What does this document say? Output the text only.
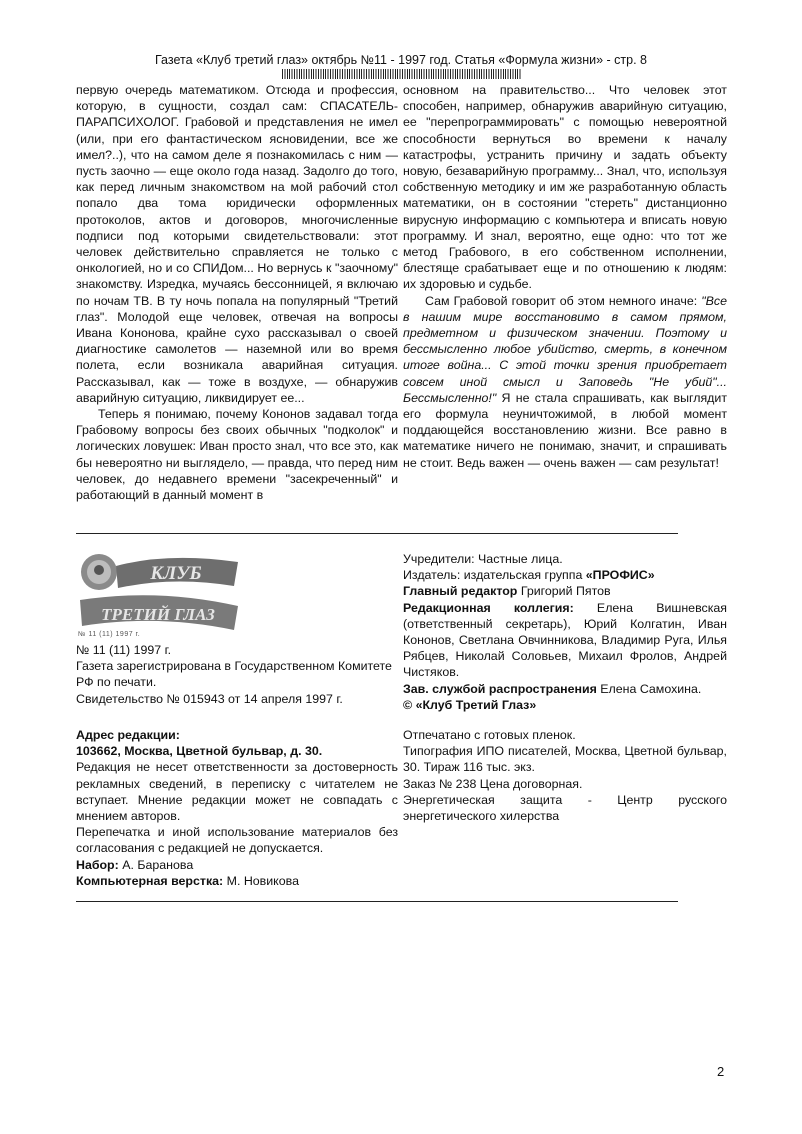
Газета «Клуб третий глаз» октябрь №11 - 1997 год. Статья «Формула жизни» - стр. 8

первую очередь математиком. Отсюда и профессия, которую, в сущности, создал сам: СПАСАТЕЛЬ-ПАРАПСИХОЛОГ. Грабовой и представления не имел (или, при его фантастическом ясновидении, все же имел?..), что на самом деле я познакомилась с ним — пусть заочно — еще около года назад. Задолго до того, как перед личным знакомством на мой рабочий стол попало два тома юридически оформленных протоколов, актов и договоров, многочисленные подписи под которыми свидетельствовали: этот человек действительно справляется не только с онкологией, но и со СПИДом... Но вернусь к "заочному" знакомству. Изредка, мучаясь бессонницей, я включаю по ночам ТВ. В ту ночь попала на популярный "Третий глаз". Молодой еще человек, отвечая на вопросы Ивана Кононова, крайне сухо рассказывал о своей диагностике самолетов — наземной или во время полета, если возникала аварийная ситуация. Рассказывал, как — тоже в воздухе, — обнаружив аварийную ситуацию, ликвидирует ее...

Теперь я понимаю, почему Кононов задавал тогда Грабовому вопросы без своих обычных "подколок" и логических ловушек: Иван просто знал, что все это, как бы невероятно ни выглядело, — правда, что перед ним человек, до недавнего времени "засекреченный" и работающий в данный момент в

основном на правительство... Что человек этот способен, например, обнаружив аварийную ситуацию, ее "перепрограммировать" с помощью невероятной способности вернуться во времени к началу катастрофы, устранить причину и задать объекту новую, безаварийную программу... Знал, что, используя собственную методику и им же разработанную область математики, он в состоянии "стереть" дистанционно вирусную информацию с компьютера и вписать новую программу. И знал, вероятно, еще одно: что тот же метод Грабового, в его собственном исполнении, блестяще срабатывает еще и по отношению к людям: их здоровью и судьбе.

Сам Грабовой говорит об этом немного иначе: "Все в нашим мире восстановимо в самом прямом, предметном и физическом значении. Поэтому и бессмысленно любое убийство, смерть, в конечном итоге война... С этой точки зрения приобретает совсем иной смысл и Заповедь "Не убий"... Бессмысленно!" Я не стала спрашивать, как выглядит его формула неуничтожимой, в любой момент поддающейся восстановлению жизни. Все равно в математике ничего не понимаю, значит, и спрашивать не стоит. Ведь важен — очень важен — сам результат!

КЛУБ
ТРЕТИЙ ГЛАЗ
№ 11 (11) 1997 г.

№ 11 (11) 1997 г.

Газета зарегистрирована в Государственном Комитете РФ по печати.

Свидетельство № 015943 от 14 апреля 1997 г.

Учредители: Частные лица.

Издатель: издательская группа «ПРОФИС»

Главный редактор Григорий Пятов

Редакционная коллегия: Елена Вишневская (ответственный секретарь), Юрий Колгатин, Иван Кононов, Светлана Овчинникова, Владимир Руга, Илья Рябцев, Николай Соловьев, Михаил Фролов, Андрей Чистяков.

Зав. службой распространения Елена Самохина.

© «Клуб Третий Глаз»

Адрес редакции:

103662, Москва, Цветной бульвар, д. 30.

Редакция не несет ответственности за достоверность рекламных сведений, в переписку с читателем не вступает. Мнение редакции может не совпадать с мнением авторов.

Перепечатка и иной использование материалов без согласования с редакцией не допускается.

Набор: А. Баранова

Компьютерная верстка: М. Новикова

Отпечатано с готовых пленок.

Типография ИПО писателей, Москва, Цветной бульвар, 30. Тираж 116 тыс. экз.

Заказ № 238 Цена договорная.

Энергетическая защита - Центр русского энергетического хилерства

2
